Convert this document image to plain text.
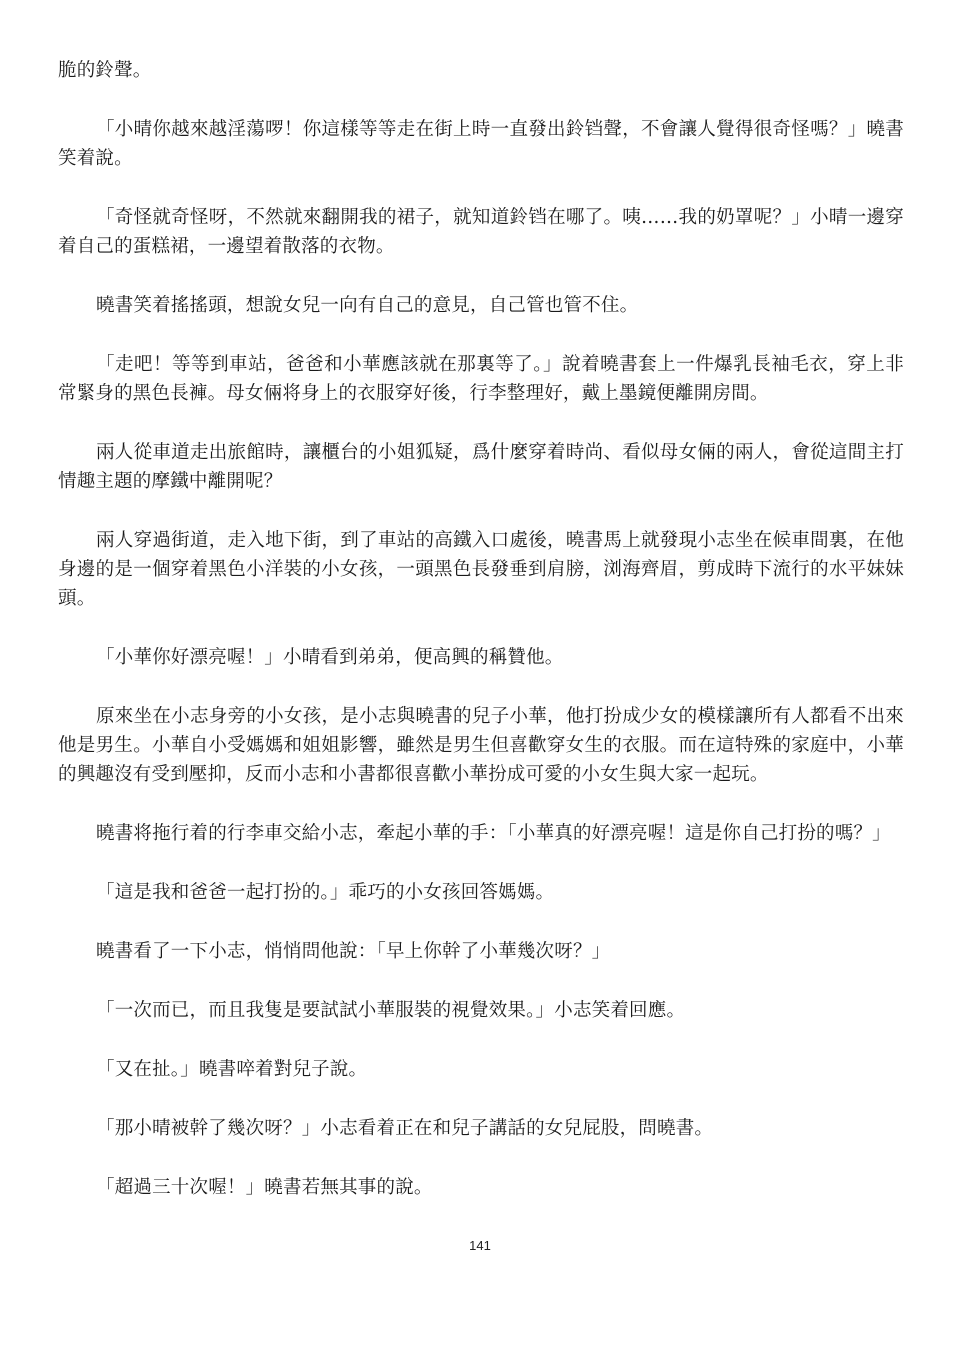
脆的鈴聲。

「小晴你越來越淫蕩啰！你這樣等等走在街上時一直發出鈴铛聲，不會讓人覺得很奇怪嗎？」曉書笑着說。

「奇怪就奇怪呀，不然就來翻開我的裙子，就知道鈴铛在哪了。咦……我的奶罩呢？」小晴一邊穿着自己的蛋糕裙，一邊望着散落的衣物。

曉書笑着搖搖頭，想說女兒一向有自己的意見，自己管也管不住。

「走吧！等等到車站，爸爸和小華應該就在那裏等了。」說着曉書套上一件爆乳長袖毛衣，穿上非常緊身的黑色長褲。母女倆将身上的衣服穿好後，行李整理好，戴上墨鏡便離開房間。

兩人從車道走出旅館時，讓櫃台的小姐狐疑，爲什麼穿着時尚、看似母女倆的兩人，會從這間主打情趣主題的摩鐵中離開呢？

兩人穿過街道，走入地下街，到了車站的高鐵入口處後，曉書馬上就發現小志坐在候車間裏，在他身邊的是一個穿着黑色小洋裝的小女孩，一頭黑色長發垂到肩膀，浏海齊眉，剪成時下流行的水平妹妹頭。

「小華你好漂亮喔！」小晴看到弟弟，便高興的稱贊他。

原來坐在小志身旁的小女孩，是小志與曉書的兒子小華，他打扮成少女的模樣讓所有人都看不出來他是男生。小華自小受媽媽和姐姐影響，雖然是男生但喜歡穿女生的衣服。而在這特殊的家庭中，小華的興趣沒有受到壓抑，反而小志和小書都很喜歡小華扮成可愛的小女生與大家一起玩。

曉書将拖行着的行李車交給小志，牽起小華的手：「小華真的好漂亮喔！這是你自己打扮的嗎？」

「這是我和爸爸一起打扮的。」乖巧的小女孩回答媽媽。

曉書看了一下小志，悄悄問他說：「早上你幹了小華幾次呀？」

「一次而已，而且我隻是要試試小華服裝的視覺效果。」小志笑着回應。

「又在扯。」曉書啐着對兒子說。

「那小晴被幹了幾次呀？」小志看着正在和兒子講話的女兒屁股，問曉書。

「超過三十次喔！」曉書若無其事的說。

141
